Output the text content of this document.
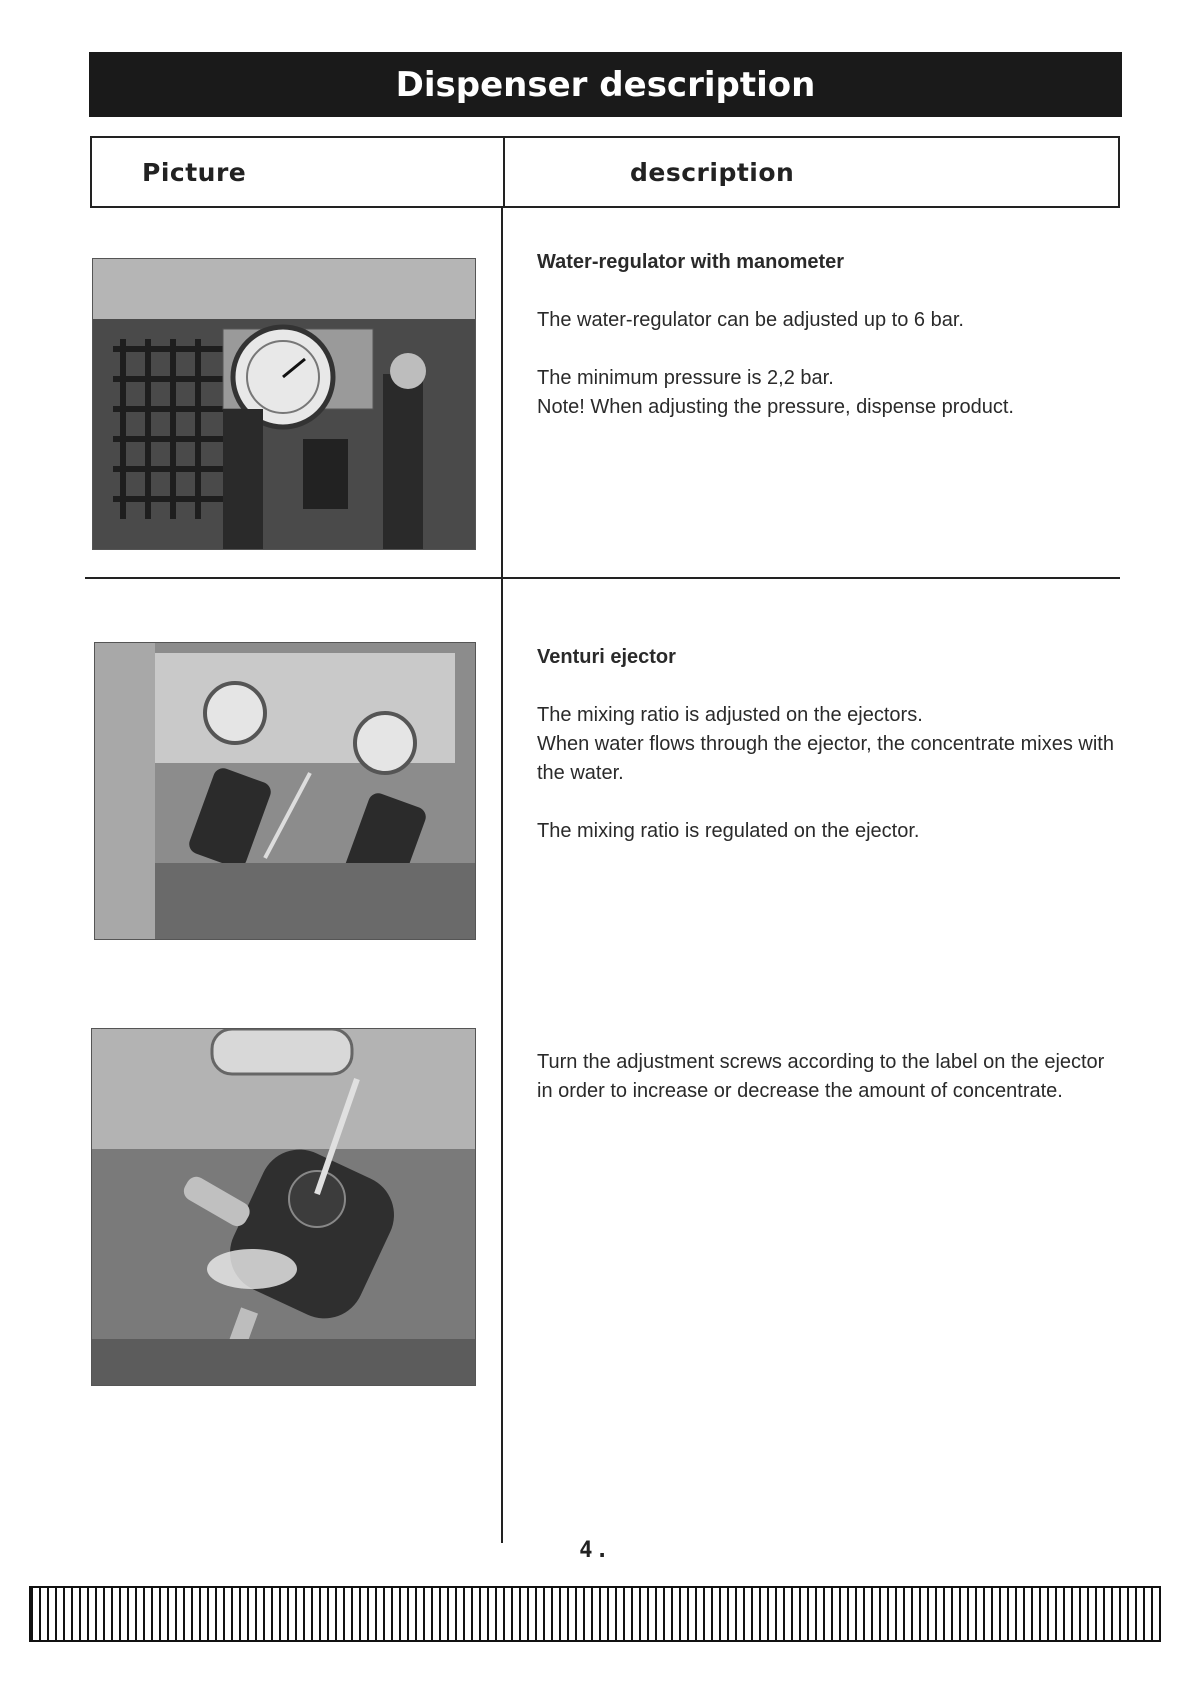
Dispenser description
Picture	description
Water-regulator with manometer

The water-regulator can be adjusted up to 6 bar.

The minimum pressure is 2,2 bar.
Note! When adjusting the pressure, dispense product.

Venturi ejector

The mixing ratio is adjusted on the ejectors.
When water flows through the ejector, the concentrate mixes with the water.

The mixing ratio is regulated on the ejector.

Turn the adjustment screws according to the label on the ejector in order to increase or decrease the amount of concentrate.

4.
